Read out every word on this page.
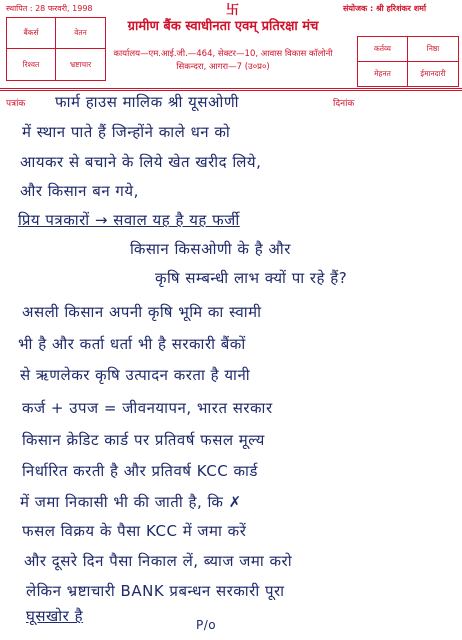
स्थापित : 28 फरवरी, 1998	卐	संयोजक : श्री हरिशंकर शर्मा
बैंकर्स	वेतन
रिश्वत	भ्रष्टाचार
ग्रामीण बैंक स्वाधीनता एवम् प्रतिरक्षा मंच
कार्यालय—एम.आई.जी.—464, सेक्टर—10, आवास विकास कॉलोनी
सिकन्दरा, आगरा—7 (उ०प्र०)
कर्तव्य	निष्ठा
मेहनत	ईमानदारी
पत्रांक	दिनांक
फार्म हाउस मालिक श्री यूसओणी
में स्थान पाते हैं जिन्होंने काले धन को
आयकर से बचाने के लिये खेत खरीद लिये,
और किसान बन गये,
प्रिय पत्रकारों → सवाल यह है यह फर्जी
किसान किसओणी के है और
कृषि सम्बन्धी लाभ क्यों पा रहे हैं?
असली किसान अपनी कृषि भूमि का स्वामी
भी है और कर्ता धर्ता भी है सरकारी बैंकों
से ऋणलेकर कृषि उत्पादन करता है यानी
कर्ज + उपज = जीवनयापन, भारत सरकार
किसान क्रेडिट कार्ड पर प्रतिवर्ष फसल मूल्य
निर्धारित करती है और प्रतिवर्ष KCC कार्ड
में जमा निकासी भी की जाती है, कि ✗
फसल विक्रय के पैसा KCC में जमा करें
और दूसरे दिन पैसा निकाल लें, ब्याज जमा करो
लेकिन भ्रष्टाचारी BANK प्रबन्धन सरकारी पूरा
घूसखोर है	P/o
